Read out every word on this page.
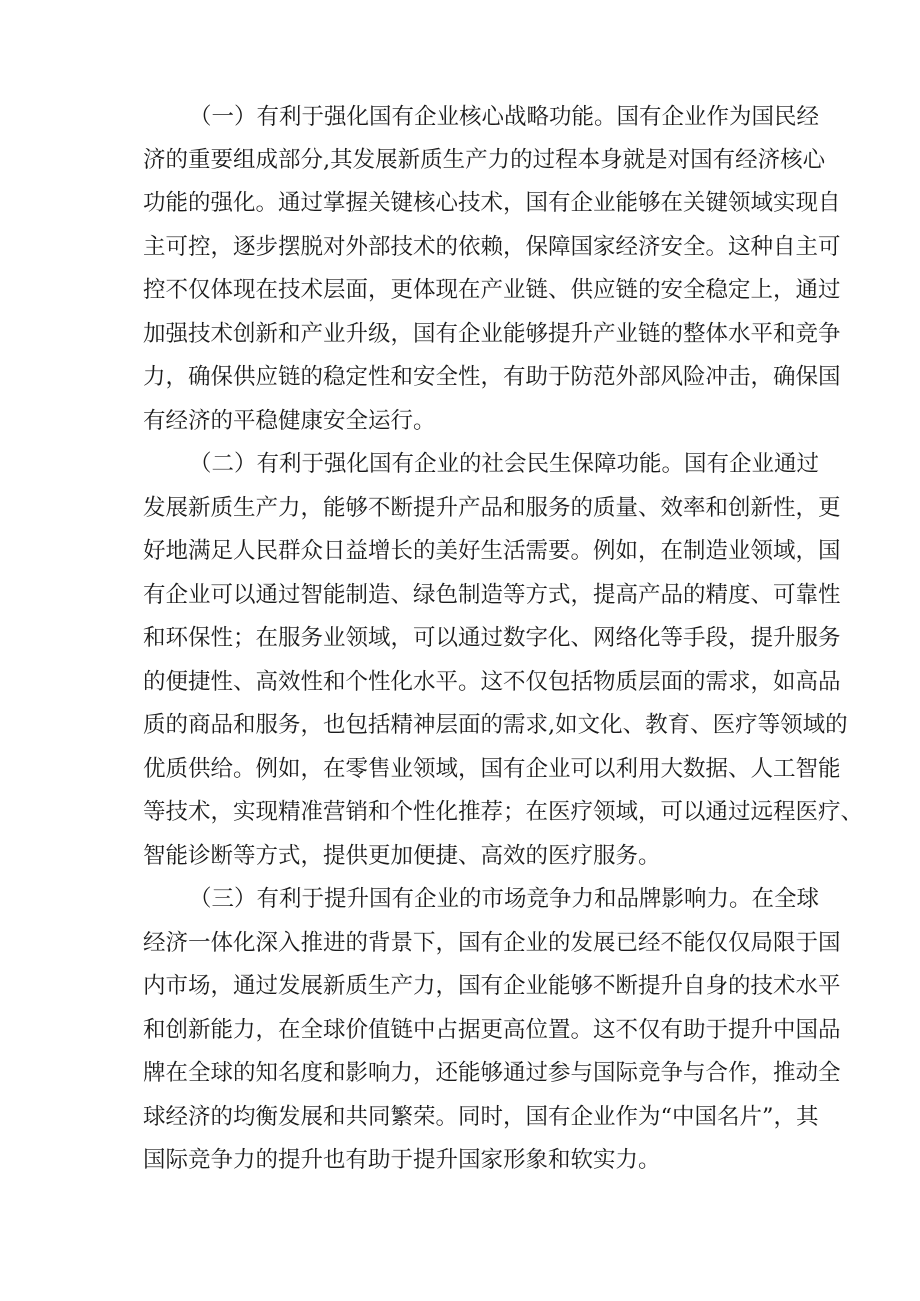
（一）有利于强化国有企业核心战略功能。国有企业作为国民经

济的重要组成部分,其发展新质生产力的过程本身就是对国有经济核心

功能的强化。通过掌握关键核心技术，国有企业能够在关键领域实现自

主可控，逐步摆脱对外部技术的依赖，保障国家经济安全。这种自主可

控不仅体现在技术层面，更体现在产业链、供应链的安全稳定上，通过

加强技术创新和产业升级，国有企业能够提升产业链的整体水平和竞争

力，确保供应链的稳定性和安全性，有助于防范外部风险冲击，确保国

有经济的平稳健康安全运行。

（二）有利于强化国有企业的社会民生保障功能。国有企业通过

发展新质生产力，能够不断提升产品和服务的质量、效率和创新性，更

好地满足人民群众日益增长的美好生活需要。例如，在制造业领域，国

有企业可以通过智能制造、绿色制造等方式，提高产品的精度、可靠性

和环保性；在服务业领域，可以通过数字化、网络化等手段，提升服务

的便捷性、高效性和个性化水平。这不仅包括物质层面的需求，如高品

质的商品和服务，也包括精神层面的需求,如文化、教育、医疗等领域的

优质供给。例如，在零售业领域，国有企业可以利用大数据、人工智能

等技术，实现精准营销和个性化推荐；在医疗领域，可以通过远程医疗、

智能诊断等方式，提供更加便捷、高效的医疗服务。

（三）有利于提升国有企业的市场竞争力和品牌影响力。在全球

经济一体化深入推进的背景下，国有企业的发展已经不能仅仅局限于国

内市场，通过发展新质生产力，国有企业能够不断提升自身的技术水平

和创新能力，在全球价值链中占据更高位置。这不仅有助于提升中国品

牌在全球的知名度和影响力，还能够通过参与国际竞争与合作，推动全

球经济的均衡发展和共同繁荣。同时，国有企业作为“中国名片”，其

国际竞争力的提升也有助于提升国家形象和软实力。
